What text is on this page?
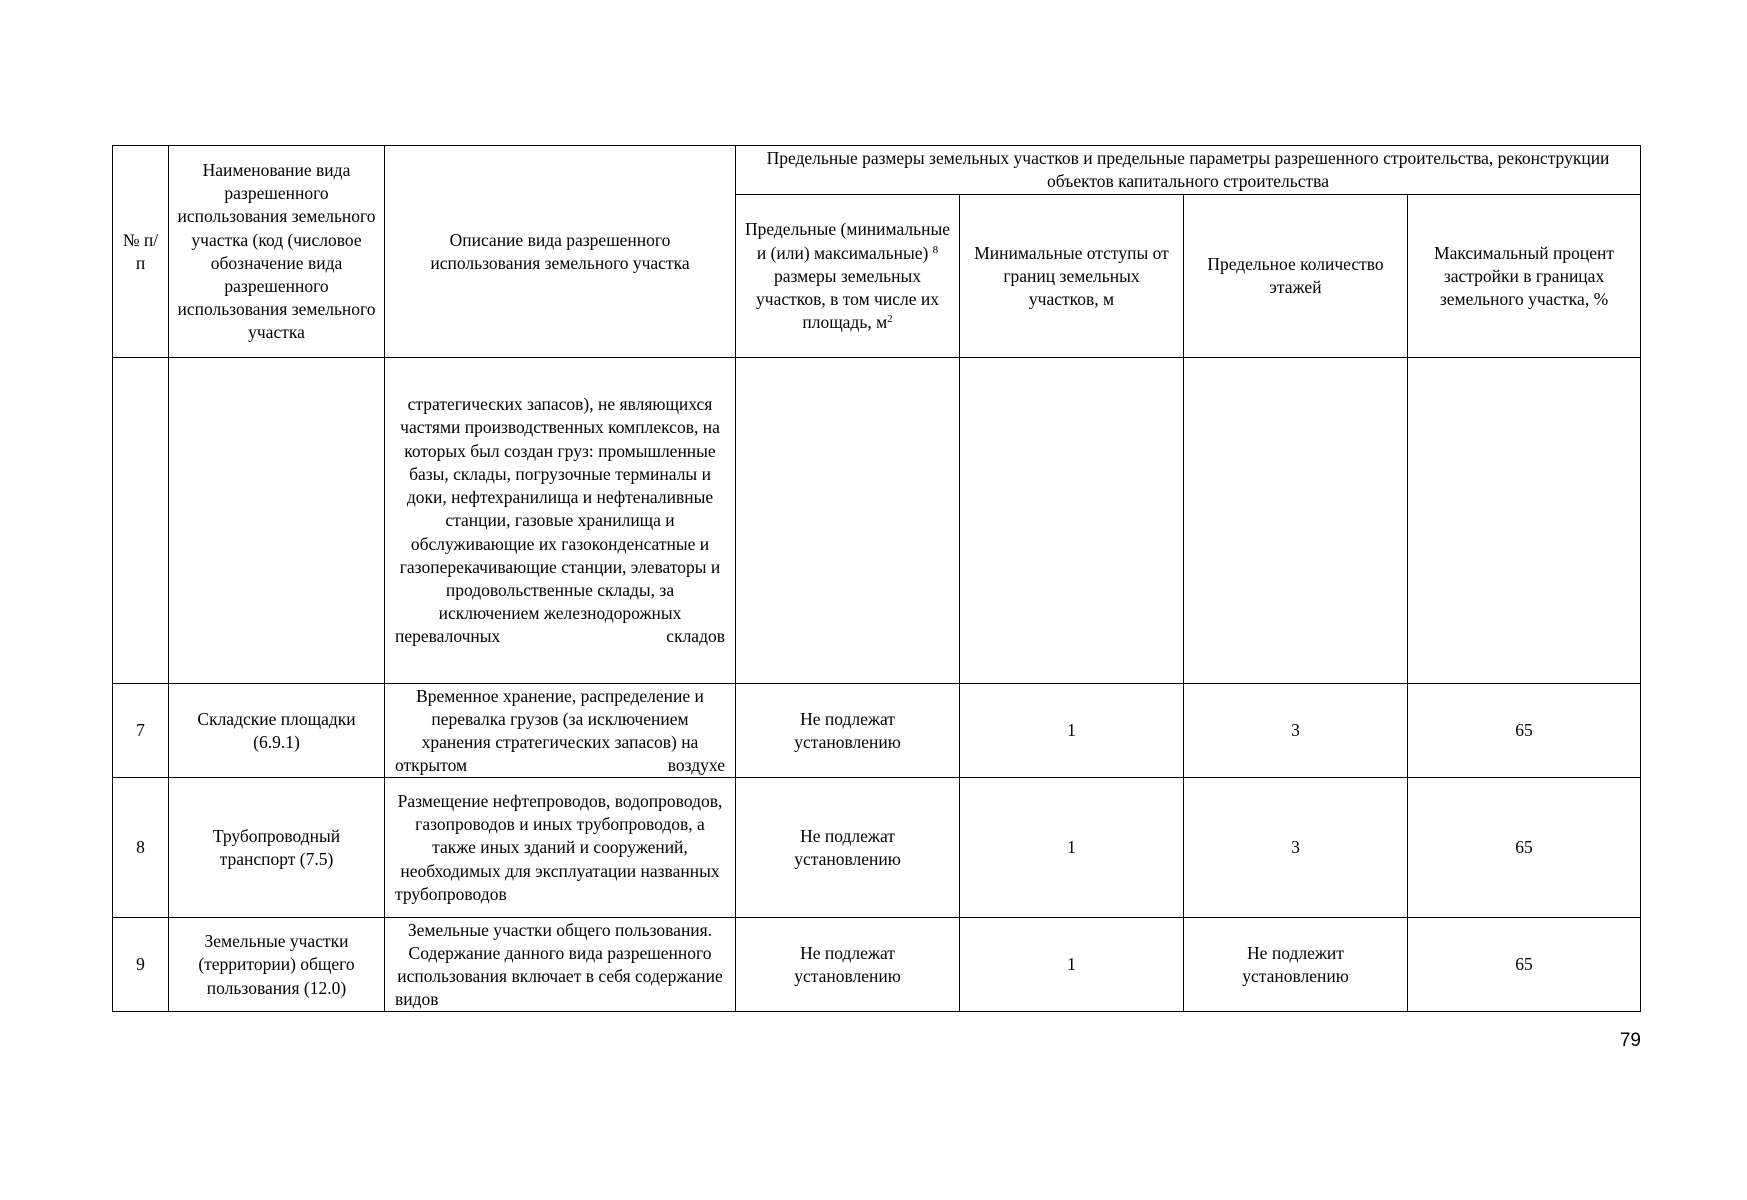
№ п/п	Наименование вида разрешенного использования земельного участка (код (числовое обозначение вида разрешенного использования земельного участка	Описание вида разрешенного использования земельного участка	Предельные размеры земельных участков и предельные параметры разрешенного строительства, реконструкции объектов капитального строительства			
			Предельные (минимальные и (или) максимальные) $^8$ размеры земельных участков, в том числе их площадь, $м^2$	Минимальные отступы от границ земельных участков, м	Предельное количество этажей	Максимальный процент застройки в границах земельного участка, %
		стратегических запасов), не являющихся частями производственных комплексов, на которых был создан груз: промышленные базы, склады, погрузочные терминалы и доки, нефтехранилища и нефтеналивные станции, газовые хранилища и обслуживающие их газоконденсатные и газоперекачивающие станции, элеваторы и продовольственные склады, за исключением железнодорожных перевалочных складов				
7	Складские площадки (6.9.1)	Временное хранение, распределение и перевалка грузов (за исключением хранения стратегических запасов) на открытом воздухе	Не подлежат установлению	1	3	65
8	Трубопроводный транспорт (7.5)	Размещение нефтепроводов, водопроводов, газопроводов и иных трубопроводов, а также иных зданий и сооружений, необходимых для эксплуатации названных трубопроводов	Не подлежат установлению	1	3	65
9	Земельные участки (территории) общего пользования (12.0)	Земельные участки общего пользования. Содержание данного вида разрешенного использования включает в себя содержание видов	Не подлежат установлению	1	Не подлежит установлению	65
79
